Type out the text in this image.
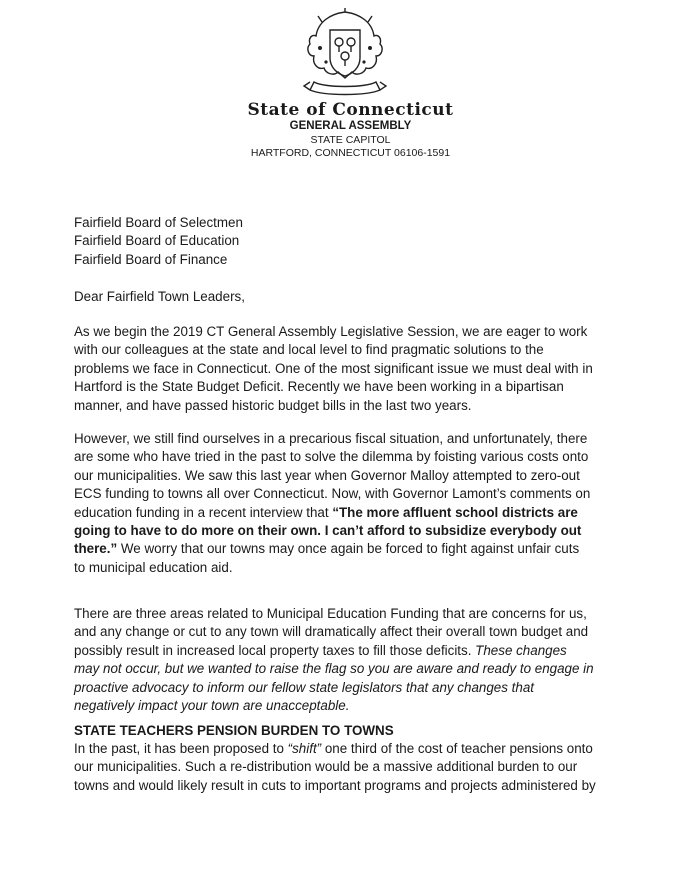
State of Connecticut
GENERAL ASSEMBLY
STATE CAPITOL
HARTFORD, CONNECTICUT 06106-1591
Fairfield Board of Selectmen
Fairfield Board of Education
Fairfield Board of Finance
Dear Fairfield Town Leaders,
As we begin the 2019 CT General Assembly Legislative Session, we are eager to work
with our colleagues at the state and local level to find pragmatic solutions to the
problems we face in Connecticut. One of the most significant issue we must deal with in
Hartford is the State Budget Deficit. Recently we have been working in a bipartisan
manner, and have passed historic budget bills in the last two years.
However, we still find ourselves in a precarious fiscal situation, and unfortunately, there
are some who have tried in the past to solve the dilemma by foisting various costs onto
our municipalities. We saw this last year when Governor Malloy attempted to zero-out
ECS funding to towns all over Connecticut. Now, with Governor Lamont’s comments on
education funding in a recent interview that “The more affluent school districts are
going to have to do more on their own. I can’t afford to subsidize everybody out
there.” We worry that our towns may once again be forced to fight against unfair cuts
to municipal education aid.
There are three areas related to Municipal Education Funding that are concerns for us,
and any change or cut to any town will dramatically affect their overall town budget and
possibly result in increased local property taxes to fill those deficits. These changes
may not occur, but we wanted to raise the flag so you are aware and ready to engage in
proactive advocacy to inform our fellow state legislators that any changes that
negatively impact your town are unacceptable.
STATE TEACHERS PENSION BURDEN TO TOWNS
In the past, it has been proposed to “shift” one third of the cost of teacher pensions onto
our municipalities. Such a re-distribution would be a massive additional burden to our
towns and would likely result in cuts to important programs and projects administered by
